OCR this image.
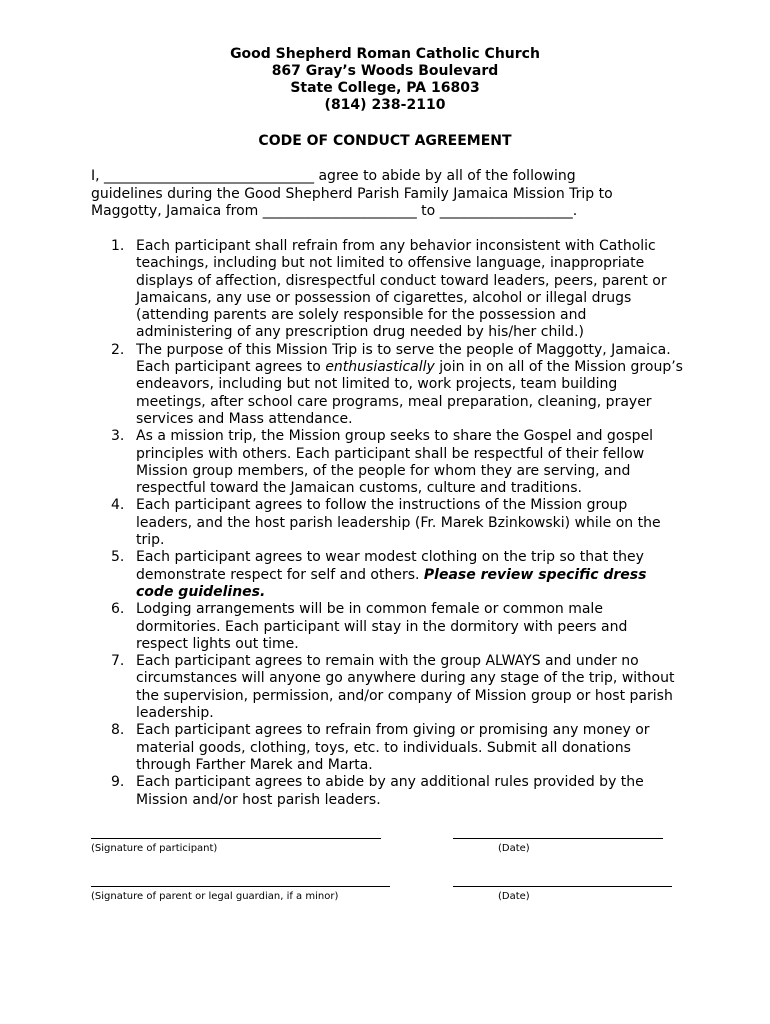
Good Shepherd Roman Catholic Church
867 Gray’s Woods Boulevard
State College, PA 16803
(814) 238-2110
CODE OF CONDUCT AGREEMENT
I, ______________________________ agree to abide by all of the following
guidelines during the Good Shepherd Parish Family Jamaica Mission Trip to
Maggotty, Jamaica from ______________________ to ___________________.
1. Each participant shall refrain from any behavior inconsistent with Catholic
teachings, including but not limited to offensive language, inappropriate
displays of affection, disrespectful conduct toward leaders, peers, parent or
Jamaicans, any use or possession of cigarettes, alcohol or illegal drugs
(attending parents are solely responsible for the possession and
administering of any prescription drug needed by his/her child.)
2. The purpose of this Mission Trip is to serve the people of Maggotty, Jamaica.
Each participant agrees to enthusiastically join in on all of the Mission group’s
endeavors, including but not limited to, work projects, team building
meetings, after school care programs, meal preparation, cleaning, prayer
services and Mass attendance.
3. As a mission trip, the Mission group seeks to share the Gospel and gospel
principles with others. Each participant shall be respectful of their fellow
Mission group members, of the people for whom they are serving, and
respectful toward the Jamaican customs, culture and traditions.
4. Each participant agrees to follow the instructions of the Mission group
leaders, and the host parish leadership (Fr. Marek Bzinkowski) while on the
trip.
5. Each participant agrees to wear modest clothing on the trip so that they
demonstrate respect for self and others. Please review specific dress
code guidelines.
6. Lodging arrangements will be in common female or common male
dormitories. Each participant will stay in the dormitory with peers and
respect lights out time.
7. Each participant agrees to remain with the group ALWAYS and under no
circumstances will anyone go anywhere during any stage of the trip, without
the supervision, permission, and/or company of Mission group or host parish
leadership.
8. Each participant agrees to refrain from giving or promising any money or
material goods, clothing, toys, etc. to individuals. Submit all donations
through Farther Marek and Marta.
9. Each participant agrees to abide by any additional rules provided by the
Mission and/or host parish leaders.
(Signature of participant)	(Date)
(Signature of parent or legal guardian, if a minor)	(Date)
